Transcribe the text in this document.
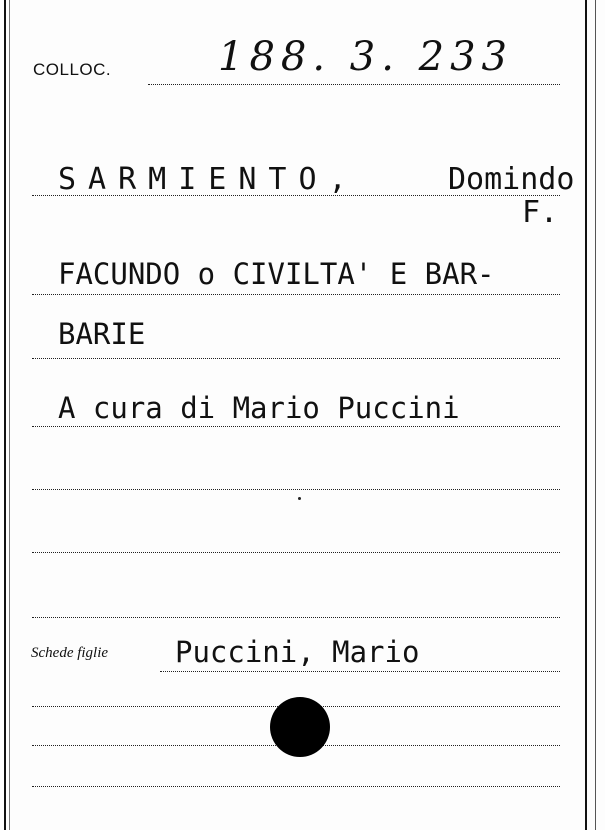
COLLOC.	188. 3. 233
SARMIENTO,	Domindo
F.
FACUNDO o CIVILTA' E BAR-
BARIE
A cura di Mario Puccini
Schede figlie Puccini, Mario
